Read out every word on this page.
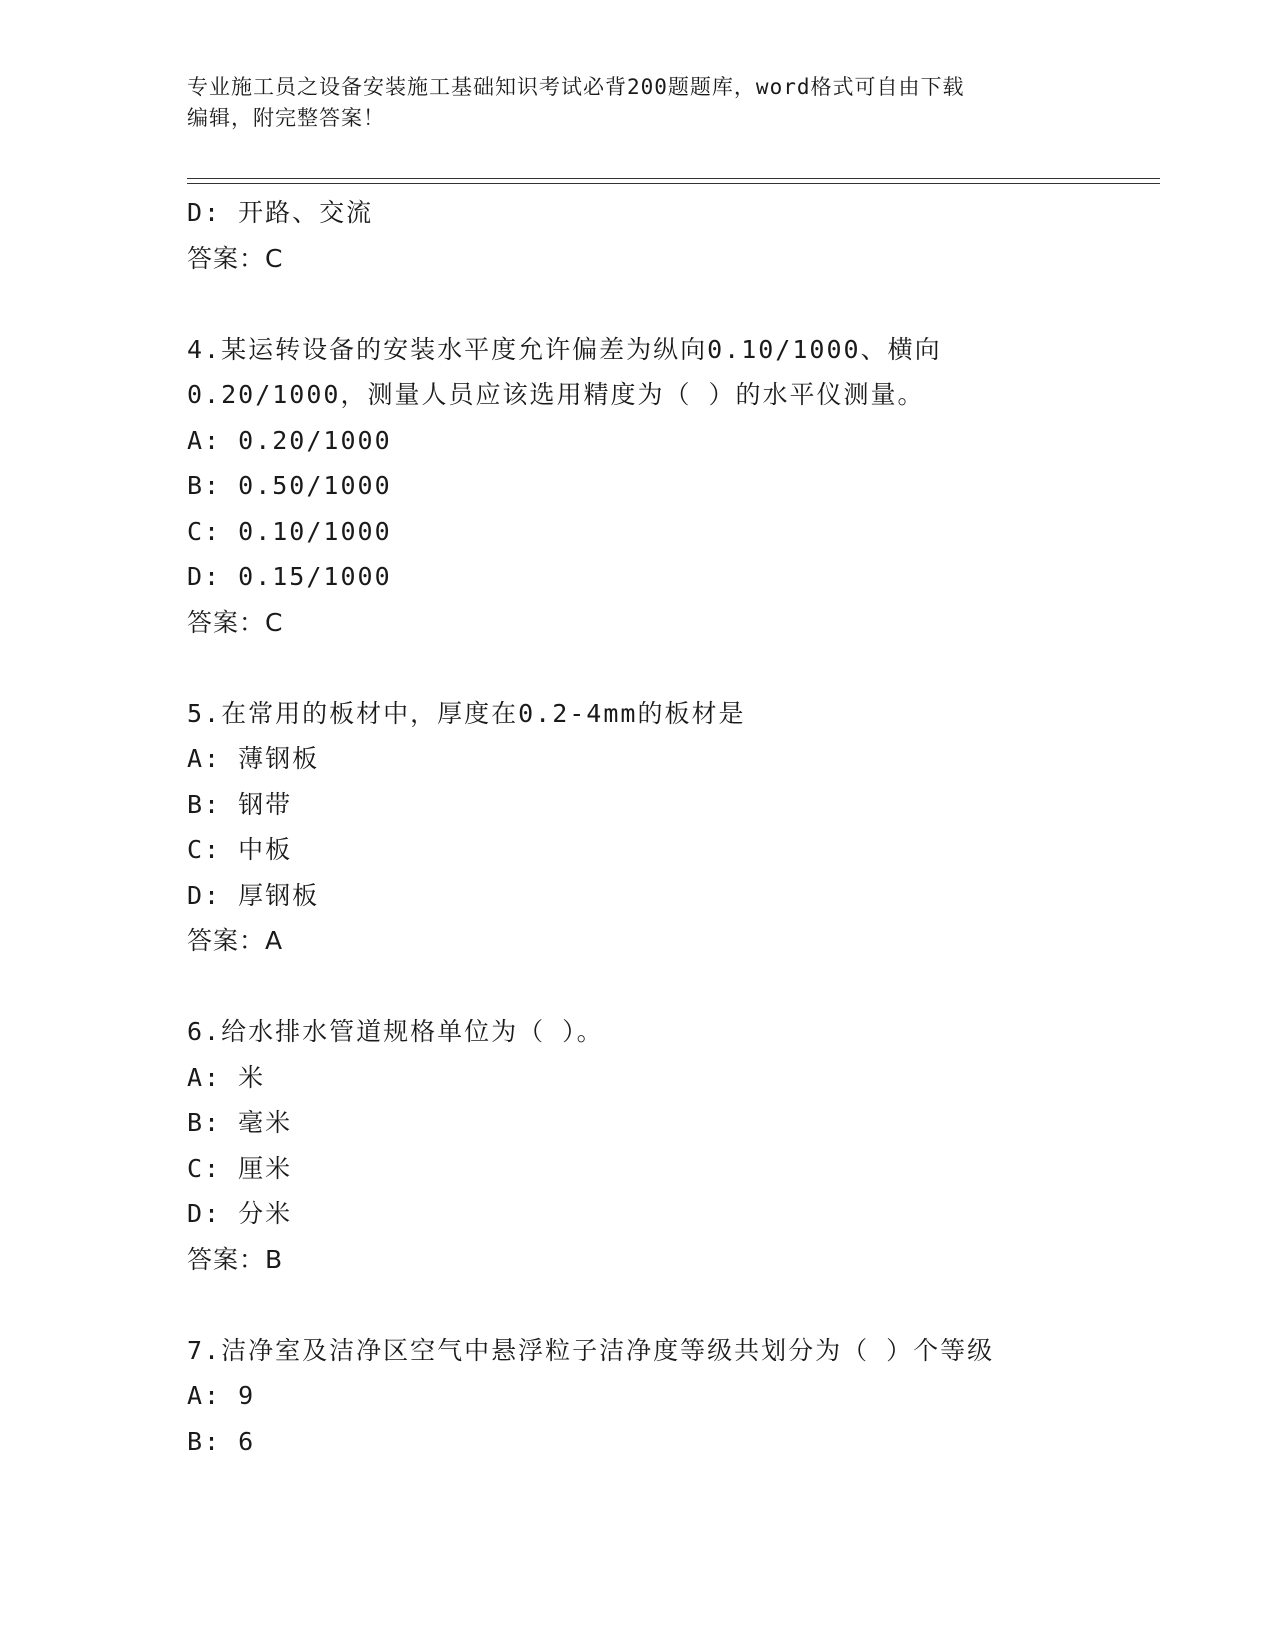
专业施工员之设备安装施工基础知识考试必背200题题库，word格式可自由下载
编辑，附完整答案！
D: 开路、交流
答案：C
4.某运转设备的安装水平度允许偏差为纵向0.10/1000、横向
0.20/1000，测量人员应该选用精度为（ ）的水平仪测量。
A: 0.20/1000
B: 0.50/1000
C: 0.10/1000
D: 0.15/1000
答案：C
5.在常用的板材中，厚度在0.2-4mm的板材是
A: 薄钢板
B: 钢带
C: 中板
D: 厚钢板
答案：A
6.给水排水管道规格单位为（ ）。
A: 米
B: 毫米
C: 厘米
D: 分米
答案：B
7.洁净室及洁净区空气中悬浮粒子洁净度等级共划分为（ ）个等级
A: 9
B: 6
